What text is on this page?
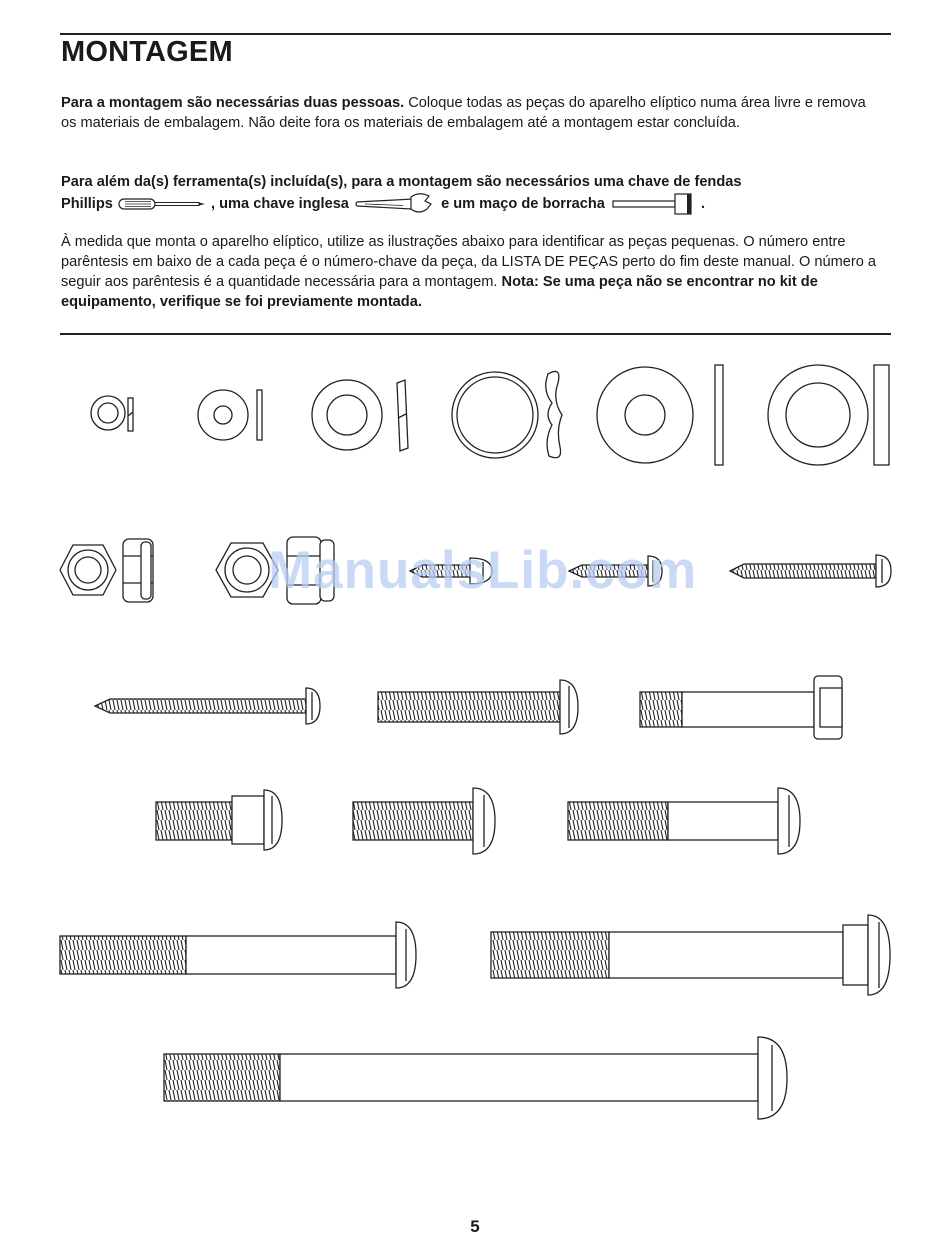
MONTAGEM

Para a montagem são necessárias duas pessoas. Coloque todas as peças do aparelho elíptico numa área livre e remova os materiais de embalagem. Não deite fora os materiais de embalagem até a montagem estar concluída.

Para além da(s) ferramenta(s) incluída(s), para a montagem são necessários uma chave de fendas
Phillips	, uma chave inglesa	e um maço de borracha	.

À medida que monta o aparelho elíptico, utilize as ilustrações abaixo para identificar as peças pequenas. O número entre parêntesis em baixo de a cada peça é o número-chave da peça, da LISTA DE PEÇAS perto do fim deste manual. O número a seguir aos parêntesis é a quantidade necessária para a montagem. Nota: Se uma peça não se encontrar no kit de equipamento, verifique se foi previamente montada.

ManualsLib.com
5
